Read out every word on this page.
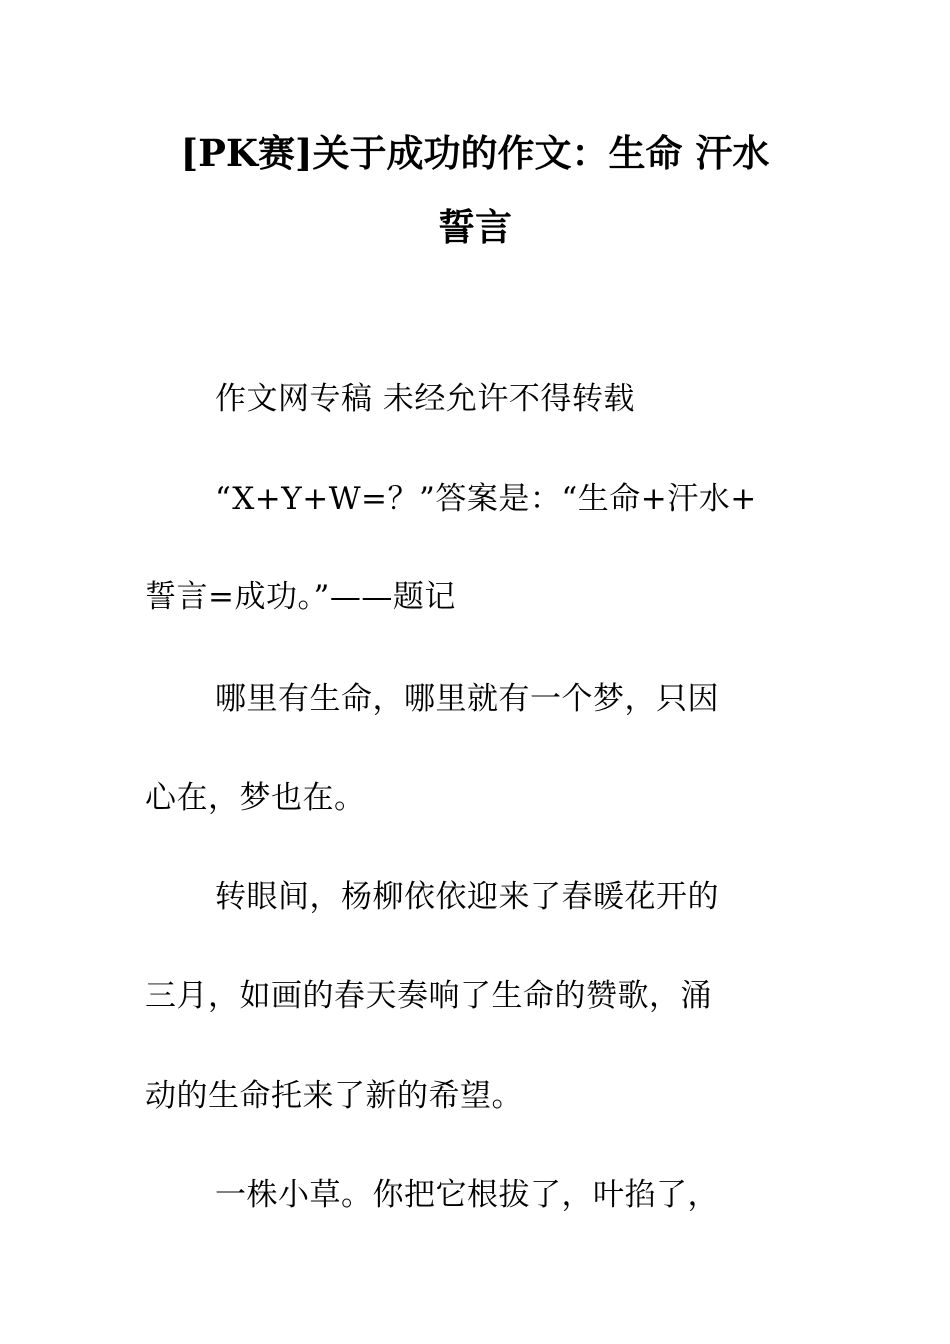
[PK赛]关于成功的作文：生命 汗水
誓言
作文网专稿 未经允许不得转载
“X+Y+W=？”答案是：“生命+汗水+
誓言=成功。”——题记
哪里有生命，哪里就有一个梦，只因
心在，梦也在。
转眼间，杨柳依依迎来了春暖花开的
三月，如画的春天奏响了生命的赞歌，涌
动的生命托来了新的希望。
一株小草。你把它根拔了，叶掐了，
